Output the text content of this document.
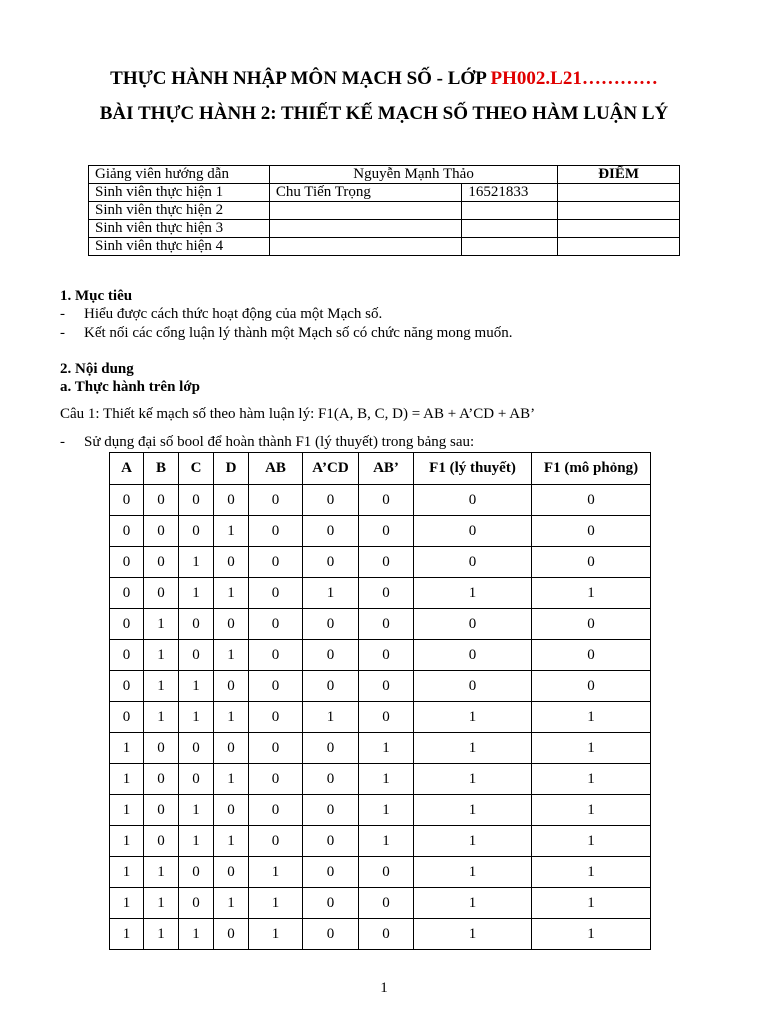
THỰC HÀNH NHẬP MÔN MẠCH SỐ - LỚP PH002.L21…………
BÀI THỰC HÀNH 2: THIẾT KẾ MẠCH SỐ THEO HÀM LUẬN LÝ
Giảng viên hướng dẫn	Nguyễn Mạnh Thảo		ĐIỂM
Sinh viên thực hiện 1	Chu Tiến Trọng	16521833	
Sinh viên thực hiện 2			
Sinh viên thực hiện 3			
Sinh viên thực hiện 4			
1. Mục tiêu
- Hiểu được cách thức hoạt động của một Mạch số.
- Kết nối các cổng luận lý thành một Mạch số có chức năng mong muốn.
2. Nội dung
a. Thực hành trên lớp
Câu 1: Thiết kế mạch số theo hàm luận lý: F1(A, B, C, D) = AB + A’CD + AB’
- Sử dụng đại số bool để hoàn thành F1 (lý thuyết) trong bảng sau:
A	B	C	D	AB	A’CD	AB’	F1 (lý thuyết)	F1 (mô phỏng)
0	0	0	0	0	0	0	0	0
0	0	0	1	0	0	0	0	0
0	0	1	0	0	0	0	0	0
0	0	1	1	0	1	0	1	1
0	1	0	0	0	0	0	0	0
0	1	0	1	0	0	0	0	0
0	1	1	0	0	0	0	0	0
0	1	1	1	0	1	0	1	1
1	0	0	0	0	0	1	1	1
1	0	0	1	0	0	1	1	1
1	0	1	0	0	0	1	1	1
1	0	1	1	0	0	1	1	1
1	1	0	0	1	0	0	1	1
1	1	0	1	1	0	0	1	1
1	1	1	0	1	0	0	1	1
1
